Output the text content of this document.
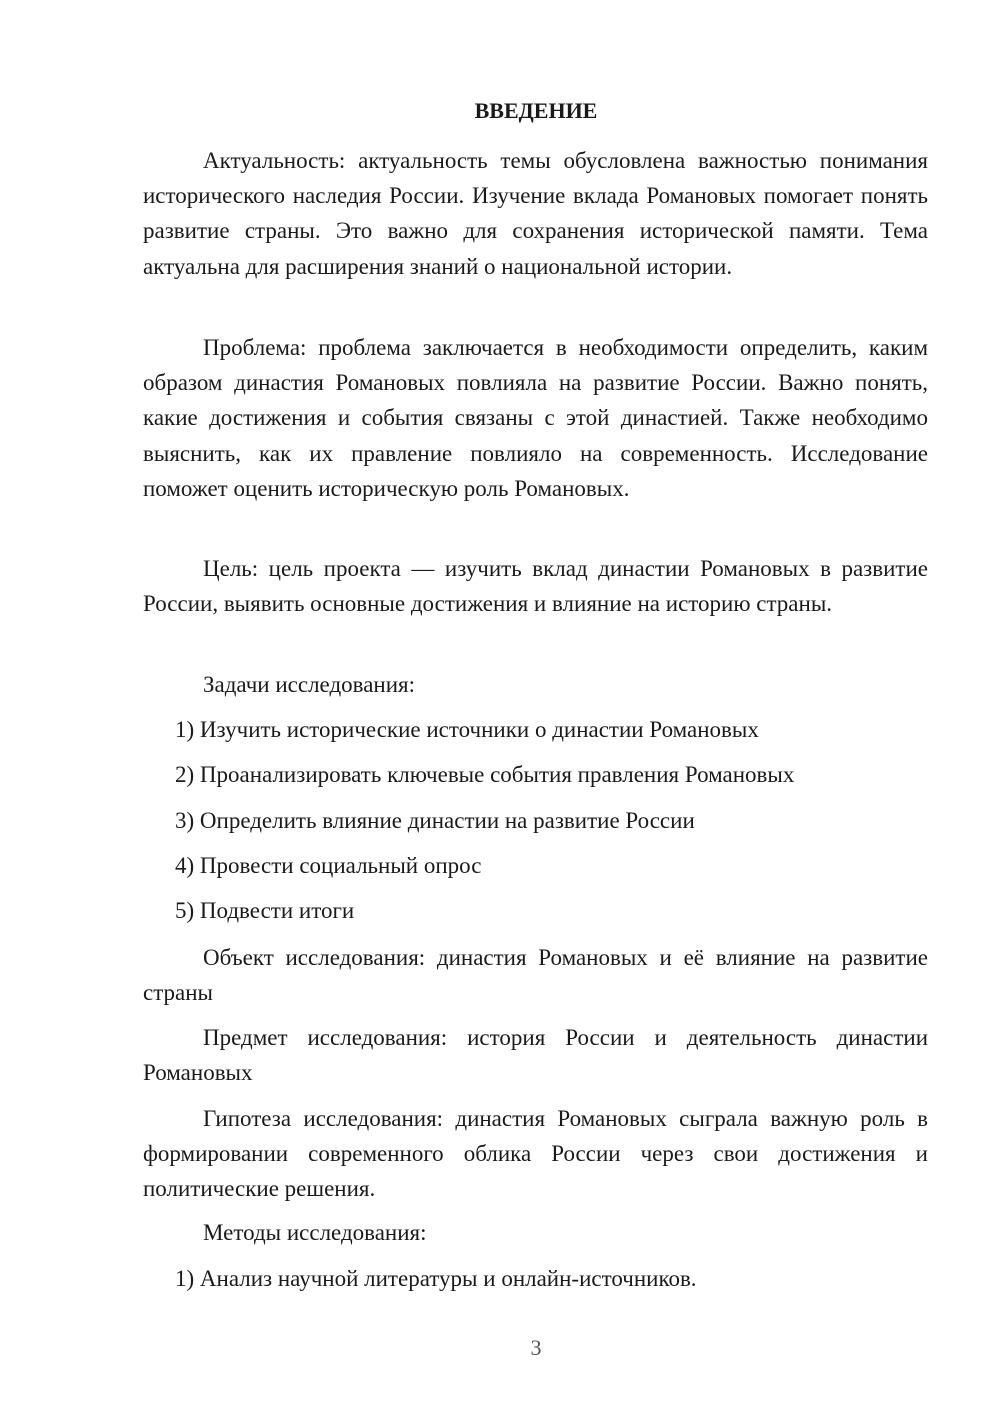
ВВЕДЕНИЕ

Актуальность: актуальность темы обусловлена важностью понимания исторического наследия России. Изучение вклада Романовых помогает понять развитие страны. Это важно для сохранения исторической памяти. Тема актуальна для расширения знаний о национальной истории.

Проблема: проблема заключается в необходимости определить, каким образом династия Романовых повлияла на развитие России. Важно понять, какие достижения и события связаны с этой династией. Также необходимо выяснить, как их правление повлияло на современность. Исследование поможет оценить историческую роль Романовых.

Цель: цель проекта — изучить вклад династии Романовых в развитие России, выявить основные достижения и влияние на историю страны.

Задачи исследования:
1) Изучить исторические источники о династии Романовых
2) Проанализировать ключевые события правления Романовых
3) Определить влияние династии на развитие России
4) Провести социальный опрос
5) Подвести итоги

Объект исследования: династия Романовых и её влияние на развитие страны

Предмет исследования: история России и деятельность династии Романовых

Гипотеза исследования: династия Романовых сыграла важную роль в формировании современного облика России через свои достижения и политические решения.

Методы исследования:
1) Анализ научной литературы и онлайн-источников.
3
